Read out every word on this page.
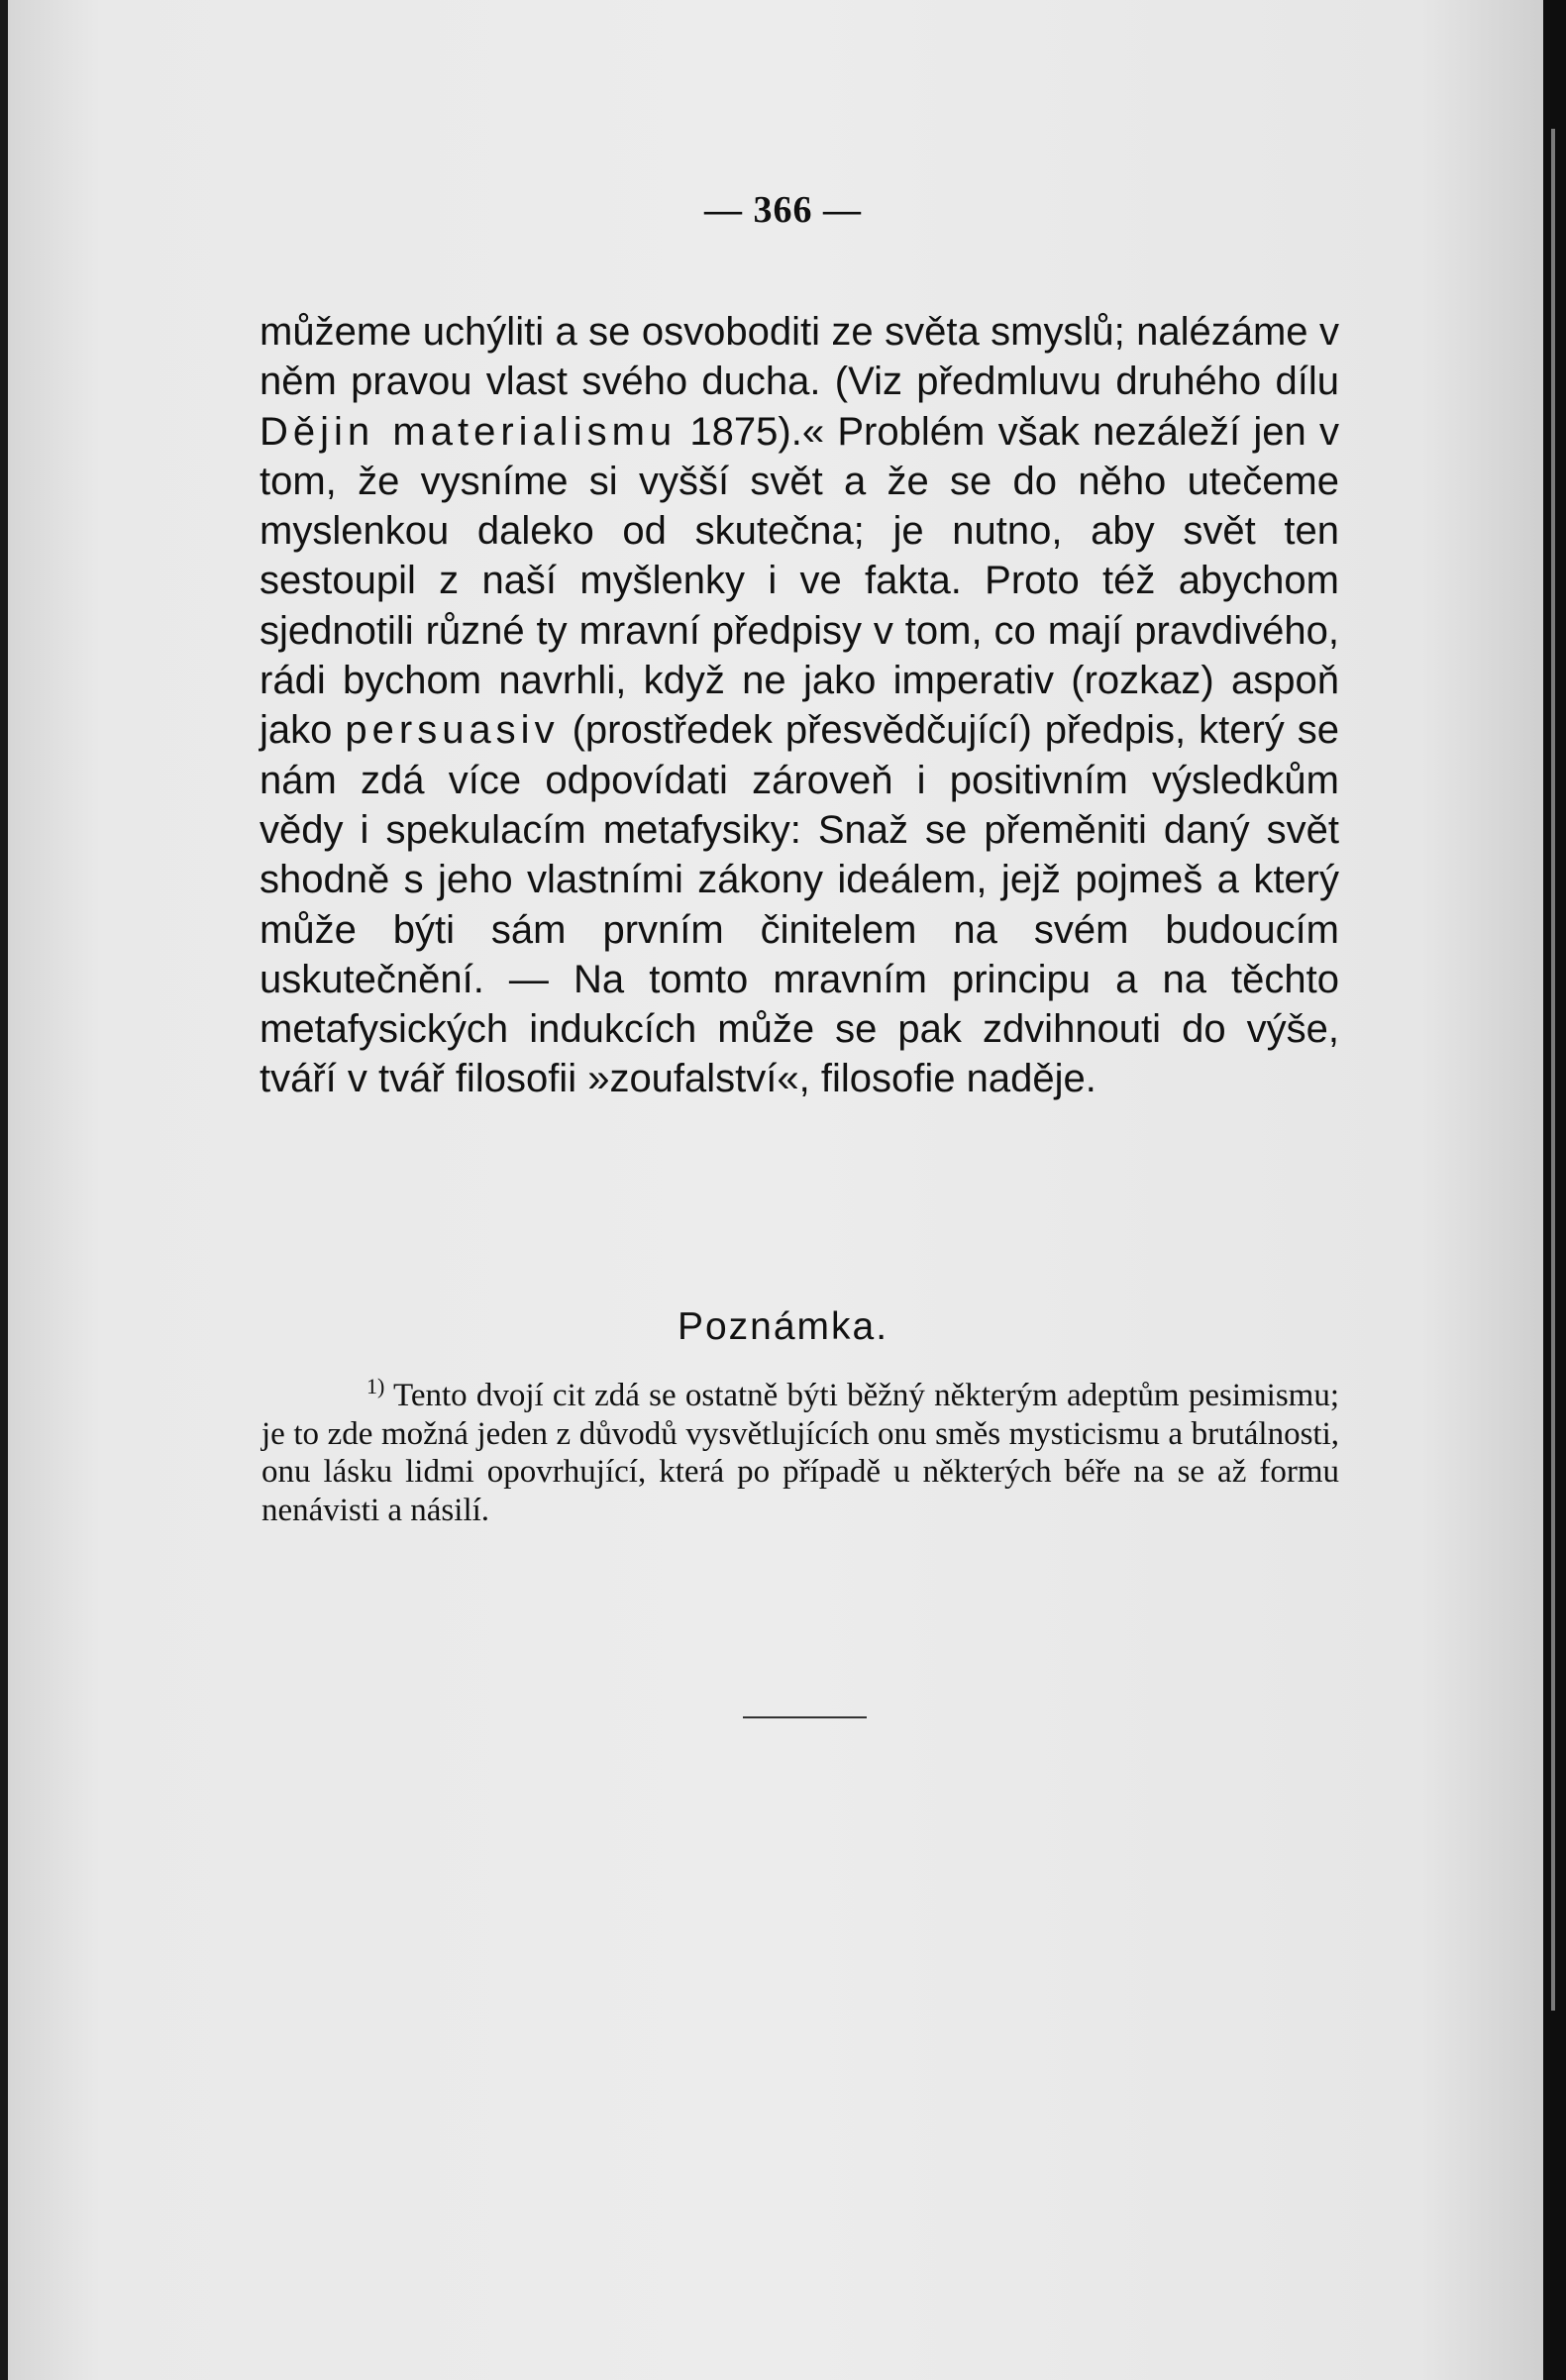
— 366 —

můžeme uchýliti a se osvoboditi ze světa smyslů; nalézáme v něm pravou vlast svého ducha. (Viz předmluvu druhého dílu Dějin materialismu 1875).« Problém však nezáleží jen v tom, že vysníme si vyšší svět a že se do něho utečeme myslenkou daleko od skutečna; je nutno, aby svět ten sestoupil z naší myšlenky i ve fakta. Proto též abychom sjednotili různé ty mravní předpisy v tom, co mají pravdivého, rádi bychom navrhli, když ne jako imperativ (rozkaz) aspoň jako persuasiv (prostředek přesvědčující) předpis, který se nám zdá více odpovídati zároveň i positivním výsledkům vědy i spekulacím metafysiky: Snaž se přeměniti daný svět shodně s jeho vlastními zákony ideálem, jejž pojmeš a který může býti sám prvním činitelem na svém budoucím uskutečnění. — Na tomto mravním principu a na těchto metafysických indukcích může se pak zdvihnouti do výše, tváří v tvář filosofii »zoufalství«, filosofie naděje.

Poznámka.

$^{1)}$ Tento dvojí cit zdá se ostatně býti běžný některým adeptům pesimismu; je to zde možná jeden z důvodů vysvětlujících onu směs mysticismu a brutálnosti, onu lásku lidmi opovrhující, která po případě u některých béře na se až formu nenávisti a násilí.
